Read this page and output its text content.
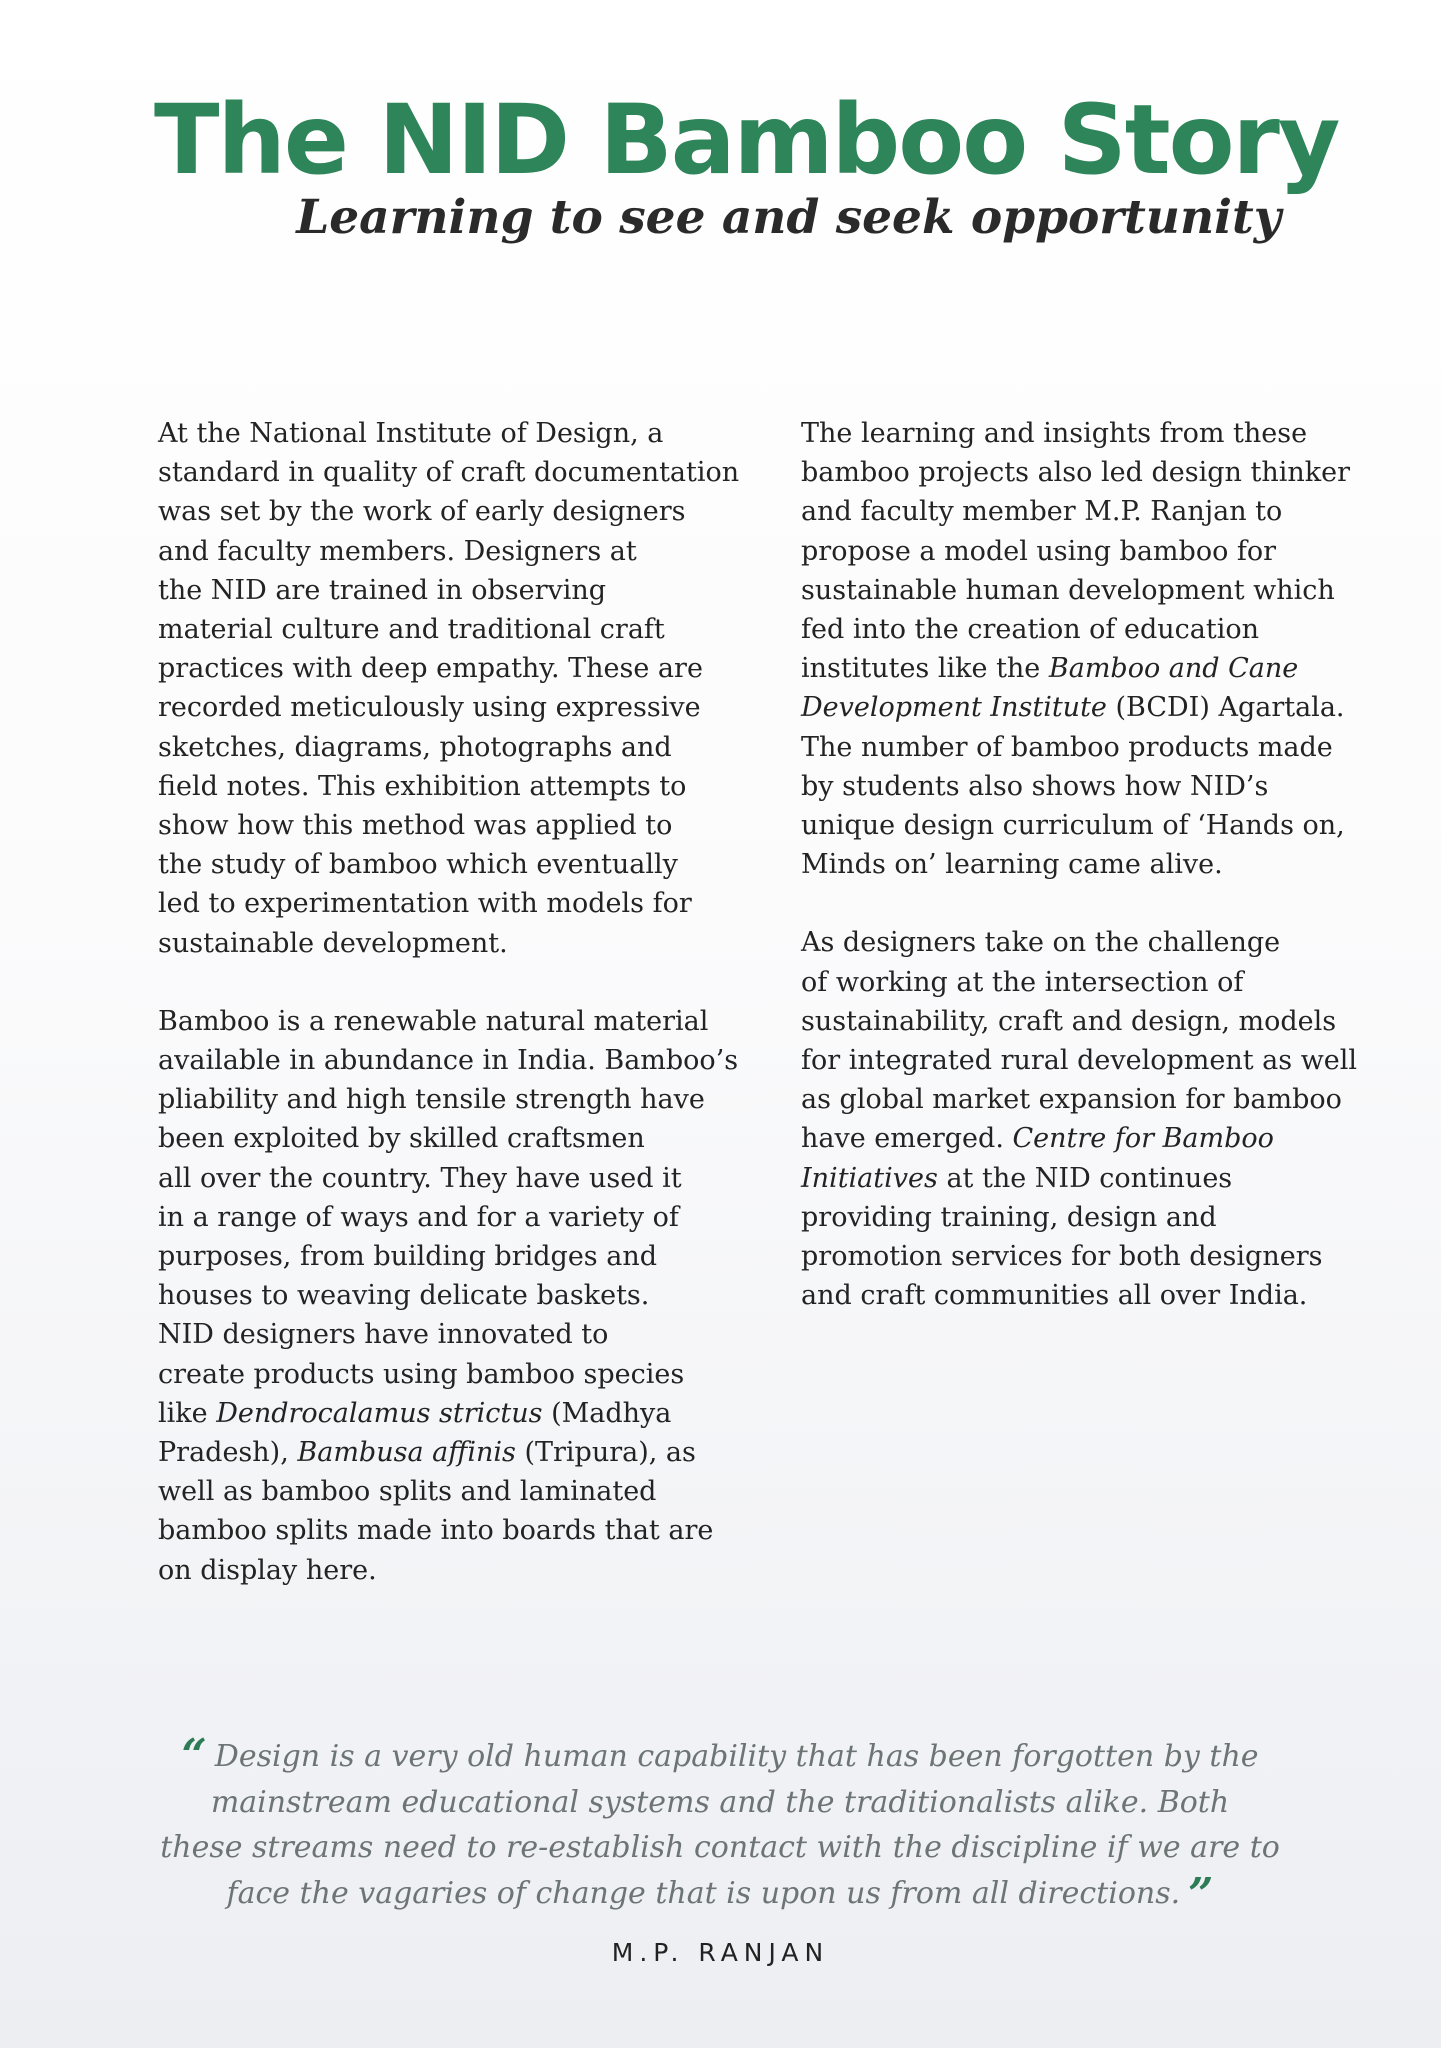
The NID Bamboo Story
Learning to see and seek opportunity

At the National Institute of Design, a
standard in quality of craft documentation
was set by the work of early designers
and faculty members. Designers at
the NID are trained in observing
material culture and traditional craft
practices with deep empathy. These are
recorded meticulously using expressive
sketches, diagrams, photographs and
field notes. This exhibition attempts to
show how this method was applied to
the study of bamboo which eventually
led to experimentation with models for
sustainable development.

Bamboo is a renewable natural material
available in abundance in India. Bamboo’s
pliability and high tensile strength have
been exploited by skilled craftsmen
all over the country. They have used it
in a range of ways and for a variety of
purposes, from building bridges and
houses to weaving delicate baskets.
NID designers have innovated to
create products using bamboo species
like Dendrocalamus strictus (Madhya
Pradesh), Bambusa affinis (Tripura), as
well as bamboo splits and laminated
bamboo splits made into boards that are
on display here.

The learning and insights from these
bamboo projects also led design thinker
and faculty member M.P. Ranjan to
propose a model using bamboo for
sustainable human development which
fed into the creation of education
institutes like the Bamboo and Cane
Development Institute (BCDI) Agartala.
The number of bamboo products made
by students also shows how NID’s
unique design curriculum of ‘Hands on,
Minds on’ learning came alive.

As designers take on the challenge
of working at the intersection of
sustainability, craft and design, models
for integrated rural development as well
as global market expansion for bamboo
have emerged. Centre for Bamboo
Initiatives at the NID continues
providing training, design and
promotion services for both designers
and craft communities all over India.

“ Design is a very old human capability that has been forgotten by the
mainstream educational systems and the traditionalists alike. Both
these streams need to re-establish contact with the discipline if we are to
face the vagaries of change that is upon us from all directions. ”
M.P. RANJAN
